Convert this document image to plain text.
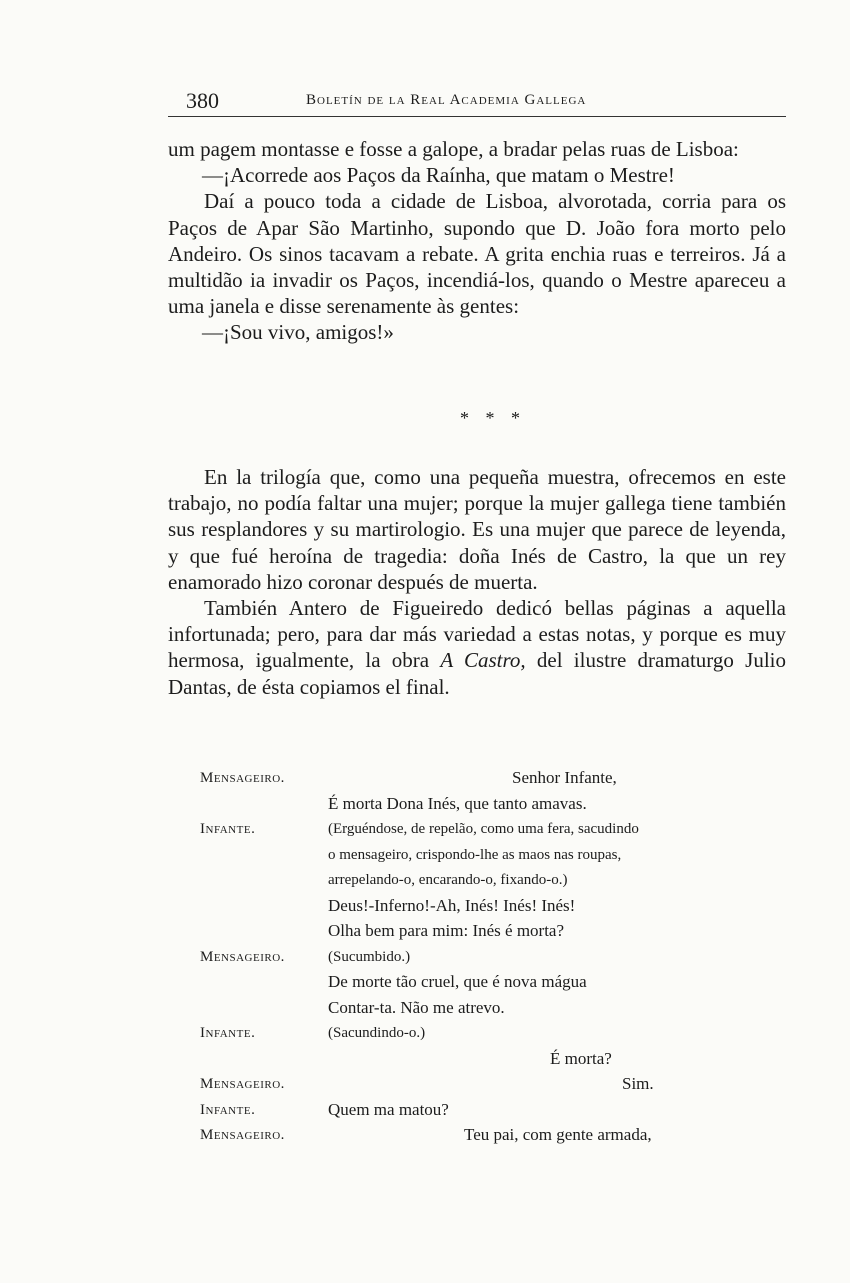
380	Boletín de la Real Academia Gallega

um pagem montasse e fosse a galope, a bradar pelas ruas de Lisboa:

—¡Acorrede aos Paços da Raínha, que matam o Mestre!

Daí a pouco toda a cidade de Lisboa, alvorotada, corria para os Paços de Apar São Martinho, supondo que D. João fora morto pelo Andeiro. Os sinos tacavam a rebate. A grita enchia ruas e terreiros. Já a multidão ia invadir os Paços, incendiá-los, quando o Mestre apareceu a uma janela e disse serenamente às gentes:

—¡Sou vivo, amigos!»

* * *

En la trilogía que, como una pequeña muestra, ofrecemos en este trabajo, no podía faltar una mujer; porque la mujer gallega tiene también sus resplandores y su martirologio. Es una mujer que parece de leyenda, y que fué heroína de tragedia: doña Inés de Castro, la que un rey enamorado hizo coronar después de muerta.

También Antero de Figueiredo dedicó bellas páginas a aquella infortunada; pero, para dar más variedad a estas notas, y porque es muy hermosa, igualmente, la obra A Castro, del ilustre dramaturgo Julio Dantas, de ésta copiamos el final.

Mensageiro.	Senhor Infante,
É morta Dona Inés, que tanto amavas.
Infante.	(Erguéndose, de repelão, como uma fera, sacudindo
o mensageiro, crispondo-lhe as maos nas roupas,
arrepelando-o, encarando-o, fixando-o.)
Deus!-Inferno!-Ah, Inés! Inés! Inés!
Olha bem para mim: Inés é morta?
Mensageiro.	(Sucumbido.)
De morte tão cruel, que é nova mágua
Contar-ta. Não me atrevo.
Infante.	(Sacundindo-o.)
É morta?
Mensageiro.	Sim.
Infante.	Quem ma matou?
Mensageiro.	Teu pai, com gente armada,
